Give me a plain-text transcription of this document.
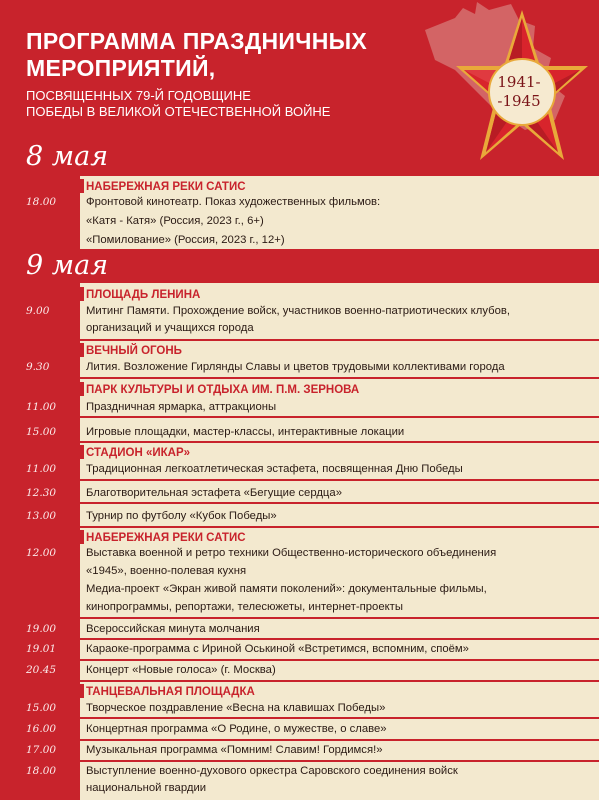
ПРОГРАММА ПРАЗДНИЧНЫХ
МЕРОПРИЯТИЙ,
ПОСВЯЩЕННЫХ 79-Й ГОДОВЩИНЕ
ПОБЕДЫ В ВЕЛИКОЙ ОТЕЧЕСТВЕННОЙ ВОЙНЕ
1941-
-1945
8 мая
НАБЕРЕЖНАЯ РЕКИ САТИС
18.00	Фронтовой кинотеатр. Показ художественных фильмов:
«Катя - Катя» (Россия, 2023 г., 6+)
«Помилование» (Россия, 2023 г., 12+)
9 мая
ПЛОЩАДЬ ЛЕНИНА
9.00	Митинг Памяти. Прохождение войск, участников военно-патриотических клубов,
организаций и учащихся города
ВЕЧНЫЙ ОГОНЬ
9.30	Лития. Возложение Гирлянды Славы и цветов трудовыми коллективами города
ПАРК КУЛЬТУРЫ И ОТДЫХА ИМ. П.М. ЗЕРНОВА
11.00	Праздничная ярмарка, аттракционы
15.00	Игровые площадки, мастер-классы, интерактивные локации
СТАДИОН «ИКАР»
11.00	Традиционная легкоатлетическая эстафета, посвященная Дню Победы
12.30	Благотворительная эстафета «Бегущие сердца»
13.00	Турнир по футболу «Кубок Победы»
НАБЕРЕЖНАЯ РЕКИ САТИС
12.00	Выставка военной и ретро техники Общественно-исторического объединения
«1945», военно-полевая кухня
Медиа-проект «Экран живой памяти поколений»: документальные фильмы,
кинопрограммы, репортажи, телесюжеты, интернет-проекты
19.00	Всероссийская минута молчания
19.01	Караоке-программа с Ириной Оськиной «Встретимся, вспомним, споём»
20.45	Концерт «Новые голоса» (г. Москва)
ТАНЦЕВАЛЬНАЯ ПЛОЩАДКА
15.00	Творческое поздравление «Весна на клавишах Победы»
16.00	Концертная программа «О Родине, о мужестве, о славе»
17.00	Музыкальная программа «Помним! Славим! Гордимся!»
18.00	Выступление военно-духового оркестра Саровского соединения войск
национальной гвардии
